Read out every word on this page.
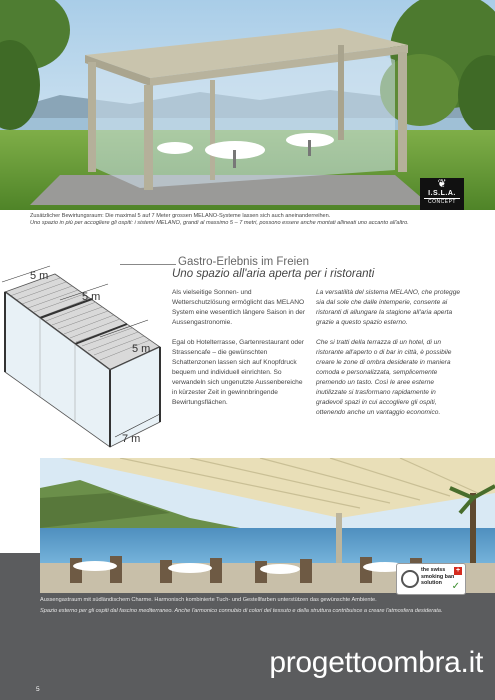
❦
I.S.L.A.
CONCEPT
Zusätzlicher Bewirtungsraum: Die maximal 5 auf 7 Meter grossen MELANO-Systeme lassen sich auch aneinanderreihen.
Uno spazio in più per accogliere gli ospiti: i sistemi MELANO, grandi al massimo 5 – 7 metri, possono essere anche montati allineati uno accanto all'altro.
5 m
5 m
5 m
7 m
Gastro-Erlebnis im Freien
Uno spazio all'aria aperta per i ristoranti

Als vielseitige Sonnen- und Wetterschutzlösung ermöglicht das MELANO System eine wesentlich längere Saison in der Aussengastronomie.

Egal ob Hotelterrasse, Gartenrestaurant oder Strassencafe – die gewünschten Schattenzonen lassen sich auf Knopfdruck bequem und individuell einrichten. So verwandeln sich ungenutzte Aussenbereiche in kürzester Zeit in gewinnbringende Bewirtungsflächen.

La versatilità del sistema MELANO, che protegge sia dal sole che dalle intemperie, consente ai ristoranti di allungare la stagione all'aria aperta grazie a questo spazio esterno.

Che si tratti della terrazza di un hotel, di un ristorante all'aperto o di bar in città, è possibile creare le zone di ombra desiderate in maniera comoda e personalizzata, semplicemente premendo un tasto. Così le aree esterne inutilizzate si trasformano rapidamente in gradevoli spazi in cui accogliere gli ospiti, ottenendo anche un vantaggio economico.

the swiss
smoking ban
solution
+
✓
Aussengastraum mit südländischem Charme. Harmonisch kombinierte Tuch- und Gestellfarben unterstützen das gewünschte Ambiente.
Spazio esterno per gli ospiti dal fascino mediterraneo. Anche l'armonico connubio di colori del tessuto e della struttura contribuisce a creare l'atmosfera desiderata.
progettoombra.it
5
